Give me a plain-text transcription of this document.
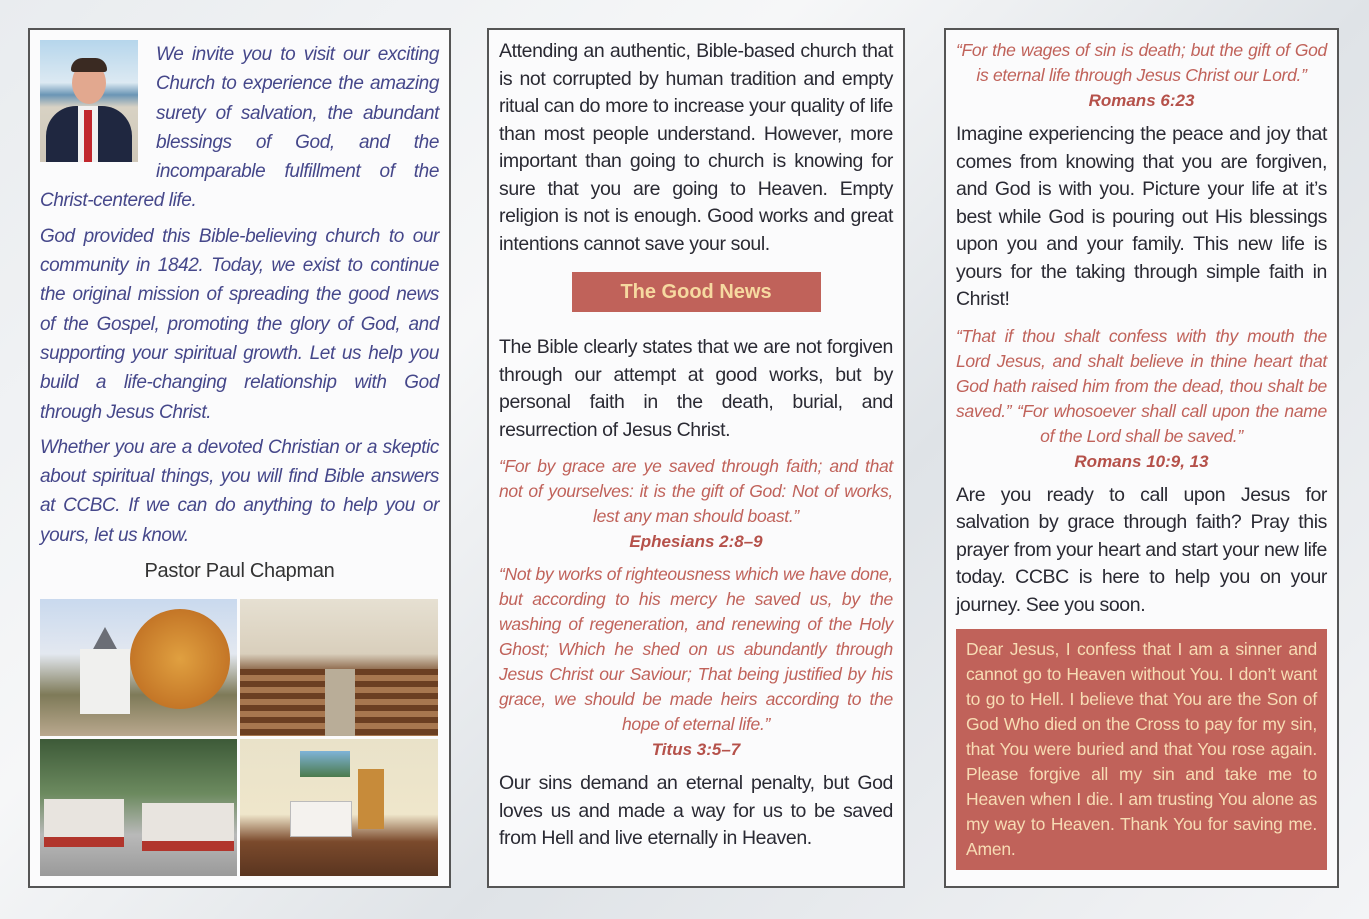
We invite you to visit our exciting Church to experience the amazing surety of salvation, the abundant blessings of God, and the incomparable fulfillment of the Christ-centered life.

God provided this Bible-believing church to our community in 1842. Today, we exist to continue the original mission of spreading the good news of the Gospel, promoting the glory of God, and supporting your spiritual growth. Let us help you build a life-changing relationship with God through Jesus Christ.

Whether you are a devoted Christian or a skeptic about spiritual things, you will find Bible answers at CCBC. If we can do anything to help you or yours, let us know.

Pastor Paul Chapman

Attending an authentic, Bible-based church that is not corrupted by human tradition and empty ritual can do more to increase your quality of life than most people understand. However, more important than going to church is knowing for sure that you are going to Heaven. Empty religion is not is enough. Good works and great intentions cannot save your soul.

The Good News

The Bible clearly states that we are not forgiven through our attempt at good works, but by personal faith in the death, burial, and resurrection of Jesus Christ.

“For by grace are ye saved through faith; and that not of yourselves: it is the gift of God: Not of works, lest any man should boast.”

Ephesians 2:8–9

“Not by works of righteousness which we have done, but according to his mercy he saved us, by the washing of regeneration, and renewing of the Holy Ghost; Which he shed on us abundantly through Jesus Christ our Saviour; That being justified by his grace, we should be made heirs according to the hope of eternal life.”

Titus 3:5–7

Our sins demand an eternal penalty, but God loves us and made a way for us to be saved from Hell and live eternally in Heaven.

“For the wages of sin is death; but the gift of God is eternal life through Jesus Christ our Lord.”

Romans 6:23

Imagine experiencing the peace and joy that comes from knowing that you are forgiven, and God is with you. Picture your life at it’s best while God is pouring out His blessings upon you and your family. This new life is yours for the taking through simple faith in Christ!

“That if thou shalt confess with thy mouth the Lord Jesus, and shalt believe in thine heart that God hath raised him from the dead, thou shalt be saved.” “For whosoever shall call upon the name of the Lord shall be saved.”

Romans 10:9, 13

Are you ready to call upon Jesus for salvation by grace through faith? Pray this prayer from your heart and start your new life today. CCBC is here to help you on your journey. See you soon.

Dear Jesus, I confess that I am a sinner and cannot go to Heaven without You. I don’t want to go to Hell. I believe that You are the Son of God Who died on the Cross to pay for my sin, that You were buried and that You rose again. Please forgive all my sin and take me to Heaven when I die. I am trusting You alone as my way to Heaven. Thank You for saving me. Amen.
